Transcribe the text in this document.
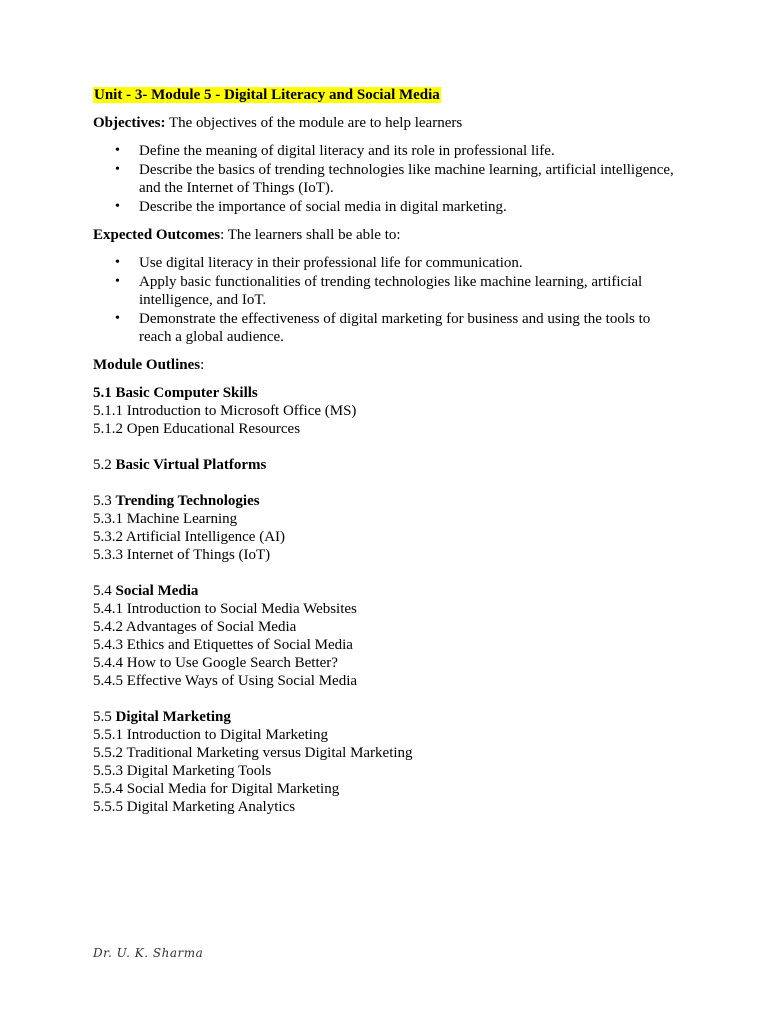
Unit - 3- Module 5 - Digital Literacy and Social Media

Objectives: The objectives of the module are to help learners

• Define the meaning of digital literacy and its role in professional life.
• Describe the basics of trending technologies like machine learning, artificial intelligence, and the Internet of Things (IoT).
• Describe the importance of social media in digital marketing.

Expected Outcomes: The learners shall be able to:

• Use digital literacy in their professional life for communication.
• Apply basic functionalities of trending technologies like machine learning, artificial intelligence, and IoT.
• Demonstrate the effectiveness of digital marketing for business and using the tools to reach a global audience.

Module Outlines:

5.1 Basic Computer Skills
5.1.1 Introduction to Microsoft Office (MS)
5.1.2 Open Educational Resources
5.2 Basic Virtual Platforms
5.3 Trending Technologies
5.3.1 Machine Learning
5.3.2 Artificial Intelligence (AI)
5.3.3 Internet of Things (IoT)
5.4 Social Media
5.4.1 Introduction to Social Media Websites
5.4.2 Advantages of Social Media
5.4.3 Ethics and Etiquettes of Social Media
5.4.4 How to Use Google Search Better?
5.4.5 Effective Ways of Using Social Media
5.5 Digital Marketing
5.5.1 Introduction to Digital Marketing
5.5.2 Traditional Marketing versus Digital Marketing
5.5.3 Digital Marketing Tools
5.5.4 Social Media for Digital Marketing
5.5.5 Digital Marketing Analytics
Dr. U. K. Sharma
